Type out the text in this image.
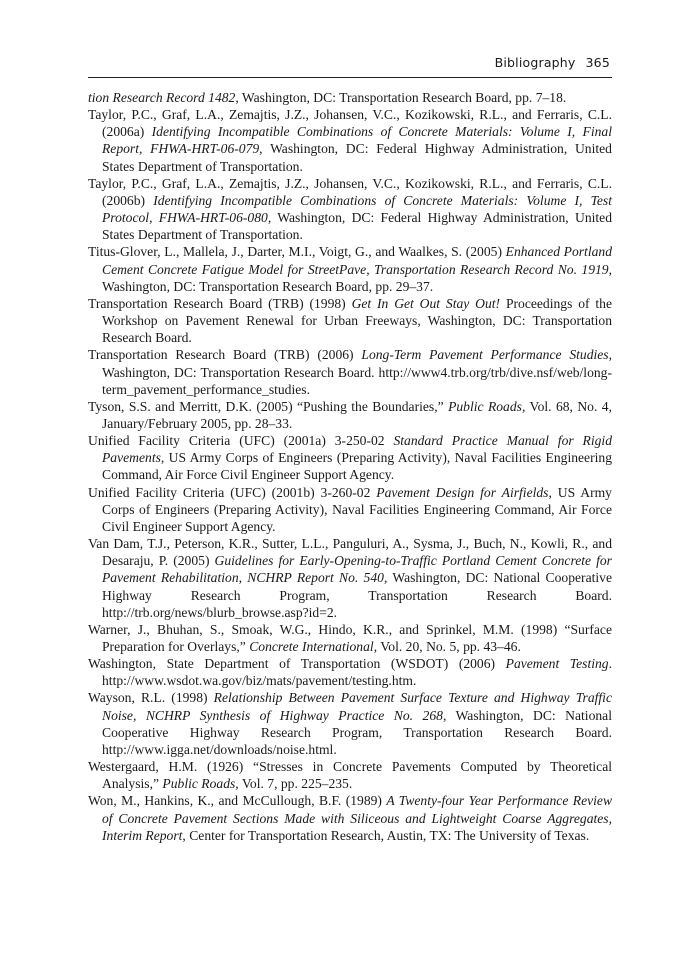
Bibliography 365

tion Research Record 1482, Washington, DC: Transportation Research Board, pp. 7–18.

Taylor, P.C., Graf, L.A., Zemajtis, J.Z., Johansen, V.C., Kozikowski, R.L., and Ferraris, C.L. (2006a) Identifying Incompatible Combinations of Concrete Materials: Volume I, Final Report, FHWA-HRT-06-079, Washington, DC: Federal Highway Administration, United States Department of Transportation.

Taylor, P.C., Graf, L.A., Zemajtis, J.Z., Johansen, V.C., Kozikowski, R.L., and Ferraris, C.L. (2006b) Identifying Incompatible Combinations of Concrete Materials: Volume I, Test Protocol, FHWA-HRT-06-080, Washington, DC: Federal Highway Administration, United States Department of Transportation.

Titus-Glover, L., Mallela, J., Darter, M.I., Voigt, G., and Waalkes, S. (2005) Enhanced Portland Cement Concrete Fatigue Model for StreetPave, Transportation Research Record No. 1919, Washington, DC: Transportation Research Board, pp. 29–37.

Transportation Research Board (TRB) (1998) Get In Get Out Stay Out! Proceedings of the Workshop on Pavement Renewal for Urban Freeways, Washington, DC: Transportation Research Board.

Transportation Research Board (TRB) (2006) Long-Term Pavement Performance Studies, Washington, DC: Transportation Research Board. http://www4.trb.org/trb/dive.nsf/web/long-term_pavement_performance_studies.

Tyson, S.S. and Merritt, D.K. (2005) “Pushing the Boundaries,” Public Roads, Vol. 68, No. 4, January/February 2005, pp. 28–33.

Unified Facility Criteria (UFC) (2001a) 3-250-02 Standard Practice Manual for Rigid Pavements, US Army Corps of Engineers (Preparing Activity), Naval Facilities Engineering Command, Air Force Civil Engineer Support Agency.

Unified Facility Criteria (UFC) (2001b) 3-260-02 Pavement Design for Airfields, US Army Corps of Engineers (Preparing Activity), Naval Facilities Engineering Command, Air Force Civil Engineer Support Agency.

Van Dam, T.J., Peterson, K.R., Sutter, L.L., Panguluri, A., Sysma, J., Buch, N., Kowli, R., and Desaraju, P. (2005) Guidelines for Early-Opening-to-Traffic Portland Cement Concrete for Pavement Rehabilitation, NCHRP Report No. 540, Washington, DC: National Cooperative Highway Research Program, Transportation Research Board. http://trb.org/news/blurb_browse.asp?id=2.

Warner, J., Bhuhan, S., Smoak, W.G., Hindo, K.R., and Sprinkel, M.M. (1998) “Surface Preparation for Overlays,” Concrete International, Vol. 20, No. 5, pp. 43–46.

Washington, State Department of Transportation (WSDOT) (2006) Pavement Testing. http://www.wsdot.wa.gov/biz/mats/pavement/testing.htm.

Wayson, R.L. (1998) Relationship Between Pavement Surface Texture and Highway Traffic Noise, NCHRP Synthesis of Highway Practice No. 268, Washington, DC: National Cooperative Highway Research Program, Transportation Research Board. http://www.igga.net/downloads/noise.html.

Westergaard, H.M. (1926) “Stresses in Concrete Pavements Computed by Theoretical Analysis,” Public Roads, Vol. 7, pp. 225–235.

Won, M., Hankins, K., and McCullough, B.F. (1989) A Twenty-four Year Performance Review of Concrete Pavement Sections Made with Siliceous and Lightweight Coarse Aggregates, Interim Report, Center for Transportation Research, Austin, TX: The University of Texas.
